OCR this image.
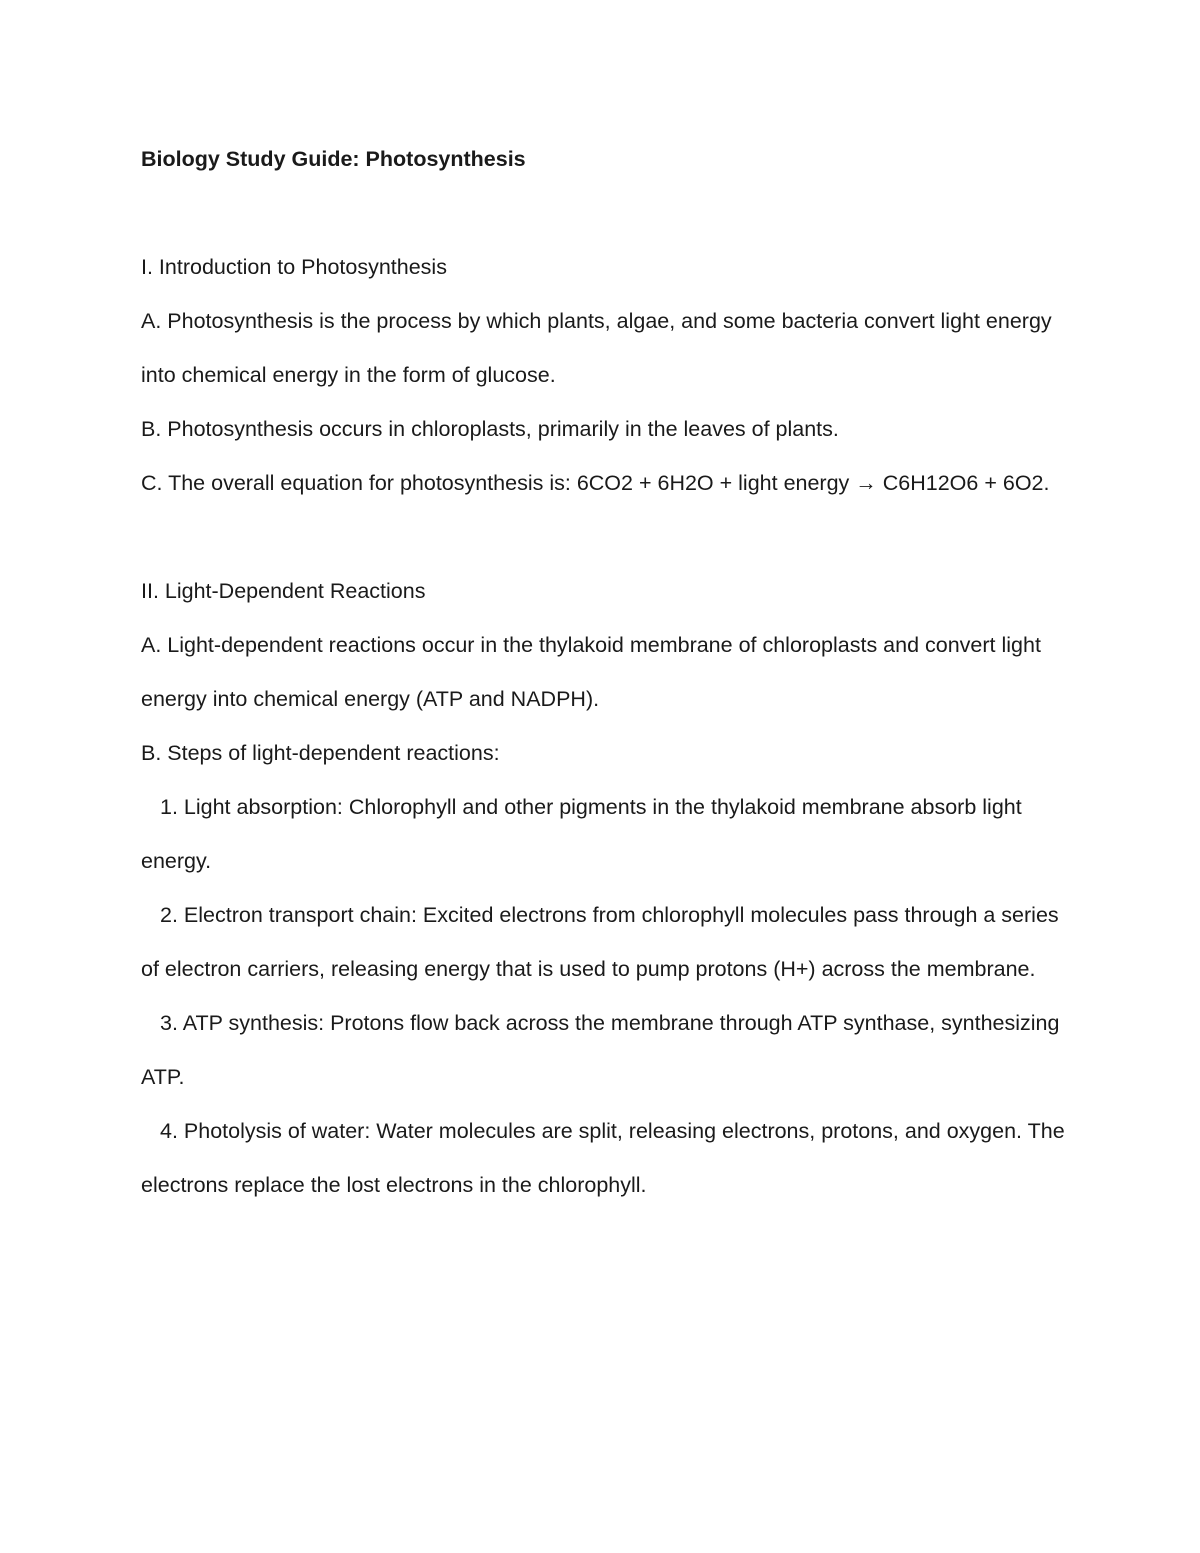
Biology Study Guide: Photosynthesis

I. Introduction to Photosynthesis

A. Photosynthesis is the process by which plants, algae, and some bacteria convert light energy into chemical energy in the form of glucose.

B. Photosynthesis occurs in chloroplasts, primarily in the leaves of plants.

C. The overall equation for photosynthesis is: 6CO2 + 6H2O + light energy → C6H12O6 + 6O2.

II. Light-Dependent Reactions

A. Light-dependent reactions occur in the thylakoid membrane of chloroplasts and convert light energy into chemical energy (ATP and NADPH).

B. Steps of light-dependent reactions:

1. Light absorption: Chlorophyll and other pigments in the thylakoid membrane absorb light energy.

2. Electron transport chain: Excited electrons from chlorophyll molecules pass through a series of electron carriers, releasing energy that is used to pump protons (H+) across the membrane.

3. ATP synthesis: Protons flow back across the membrane through ATP synthase, synthesizing ATP.

4. Photolysis of water: Water molecules are split, releasing electrons, protons, and oxygen. The electrons replace the lost electrons in the chlorophyll.
